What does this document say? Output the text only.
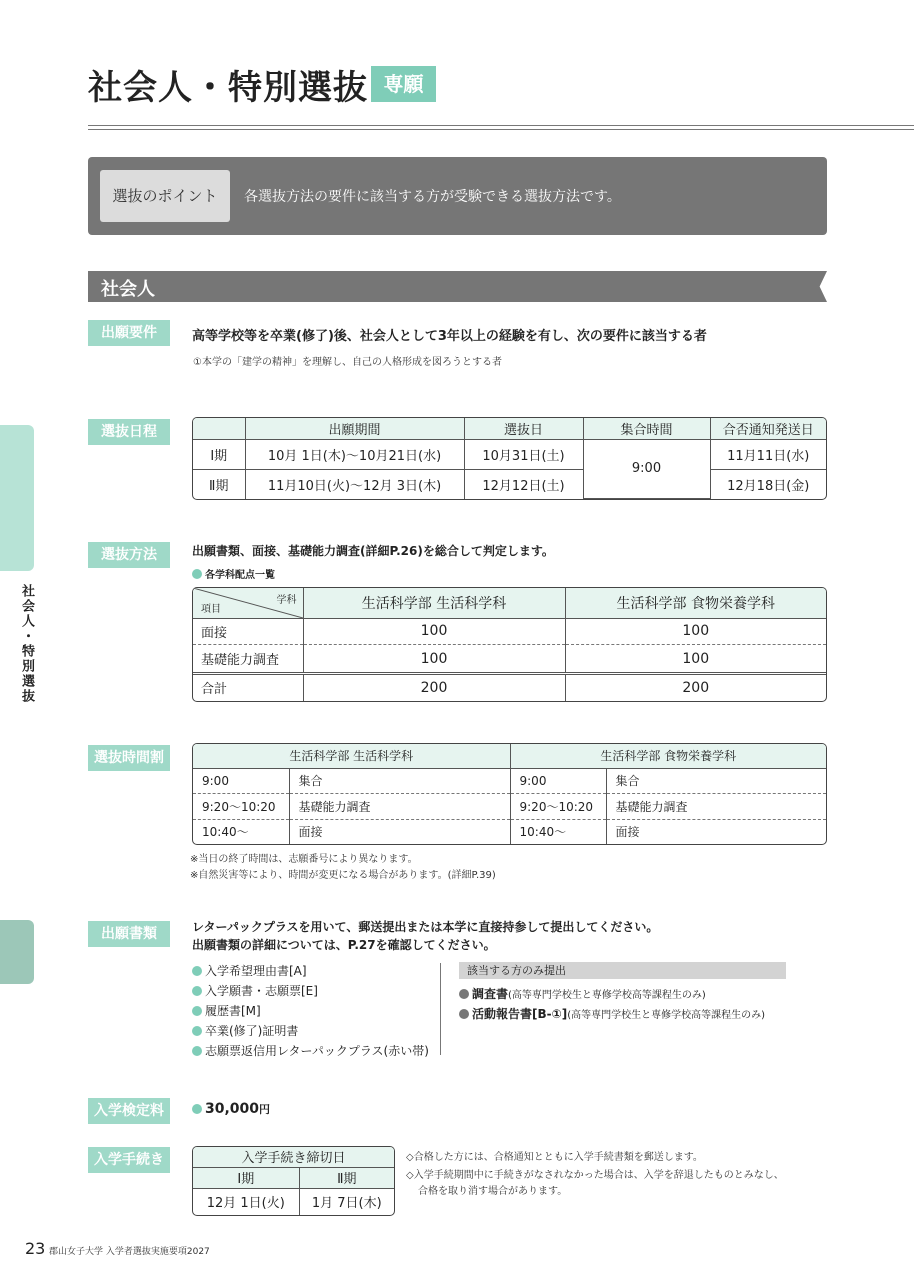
社会人・特別選抜 専願
選抜のポイント	各選抜方法の要件に該当する方が受験できる選抜方法です。
社会人
社会人・特別選抜
出願要件	高等学校等を卒業(修了)後、社会人として3年以上の経験を有し、次の要件に該当する者
①本学の「建学の精神」を理解し、自己の人格形成を図ろうとする者
選抜日程
		出願期間	選抜日	集合時間	合否通知発送日
Ⅰ期	10月 1日(木)～10月21日(水)	10月31日(土)	9:00	11月11日(水)
Ⅱ期	11月10日(火)～12月 3日(木)	12月12日(土)		12月18日(金)
選抜方法	出願書類、面接、基礎能力調査(詳細P.26)を総合して判定します。
各学科配点一覧
学科
項目	生活科学部 生活科学科	生活科学部 食物栄養学科
面接	100	100
基礎能力調査	100	100
合計	200	200
選抜時間割	生活科学部 生活科学科		生活科学部 食物栄養学科	
9:00	集合	9:00	集合
9:20～10:20	基礎能力調査	9:20～10:20	基礎能力調査
10:40～	面接	10:40～	面接
※当日の終了時間は、志願番号により異なります。
※自然災害等により、時間が変更になる場合があります。(詳細P.39)
出願書類	レターパックプラスを用いて、郵送提出または本学に直接持参して提出してください。
出願書類の詳細については、P.27を確認してください。
入学希望理由書[A]
入学願書・志願票[E]
履歴書[M]
卒業(修了)証明書
志願票返信用レターパックプラス(赤い帯)
該当する方のみ提出
調査書(高等専門学校生と専修学校高等課程生のみ)
活動報告書[B-①](高等専門学校生と専修学校高等課程生のみ)
入学検定料	30,000円
入学手続き	入学手続き締切日	
Ⅰ期	Ⅱ期
12月 1日(火)	1月 7日(木)
◇合格した方には、合格通知とともに入学手続書類を郵送します。
◇入学手続期間中に手続きがなされなかった場合は、入学を辞退したものとみなし、
合格を取り消す場合があります。
23 郡山女子大学 入学者選抜実施要項2027
